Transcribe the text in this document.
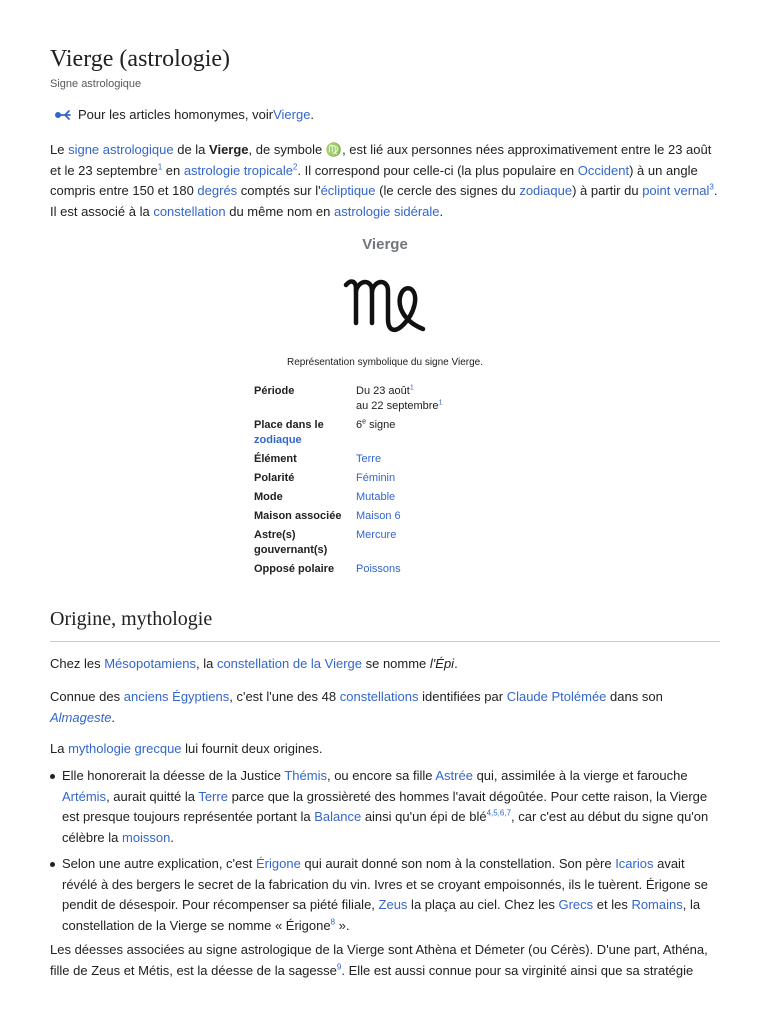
Vierge (astrologie)
Signe astrologique
Pour les articles homonymes, voir Vierge .

Le signe astrologique de la Vierge, de symbole ♍, est lié aux personnes nées approximativement entre le 23 août et le 23 septembre$^1$ en astrologie tropicale$^2$. Il correspond pour celle-ci (la plus populaire en Occident) à un angle compris entre 150 et 180 degrés comptés sur l'écliptique (le cercle des signes du zodiaque) à partir du point vernal$^3$. Il est associé à la constellation du même nom en astrologie sidérale.

Vierge
Représentation symbolique du signe Vierge.
Période	Du 23 août$^1$
au 22 septembre$^1$
Place dans le
zodiaque	6e signe
Élément	Terre
Polarité	Féminin
Mode	Mutable
Maison associée	Maison 6
Astre(s) gouvernant(s)	Mercure
Opposé polaire	Poissons
Origine, mythologie

Chez les Mésopotamiens, la constellation de la Vierge se nomme l'Épi.

Connue des anciens Égyptiens, c'est l'une des 48 constellations identifiées par Claude Ptolémée dans son Almageste.

La mythologie grecque lui fournit deux origines.

Elle honorerait la déesse de la Justice Thémis, ou encore sa fille Astrée qui, assimilée à la vierge et farouche Artémis, aurait quitté la Terre parce que la grossièreté des hommes l'avait dégoûtée. Pour cette raison, la Vierge est presque toujours représentée portant la Balance ainsi qu'un épi de blé$^{4,5,6,7}$, car c'est au début du signe qu'on célèbre la moisson.

Selon une autre explication, c'est Érigone qui aurait donné son nom à la constellation. Son père Icarios avait révélé à des bergers le secret de la fabrication du vin. Ivres et se croyant empoisonnés, ils le tuèrent. Érigone se pendit de désespoir. Pour récompenser sa piété filiale, Zeus la plaça au ciel. Chez les Grecs et les Romains, la constellation de la Vierge se nomme « Érigone$^8$ ».

Les déesses associées au signe astrologique de la Vierge sont Athèna et Démeter (ou Cérès). D'une part, Athéna, fille de Zeus et Métis, est la déesse de la sagesse$^9$. Elle est aussi connue pour sa virginité ainsi que sa stratégie
